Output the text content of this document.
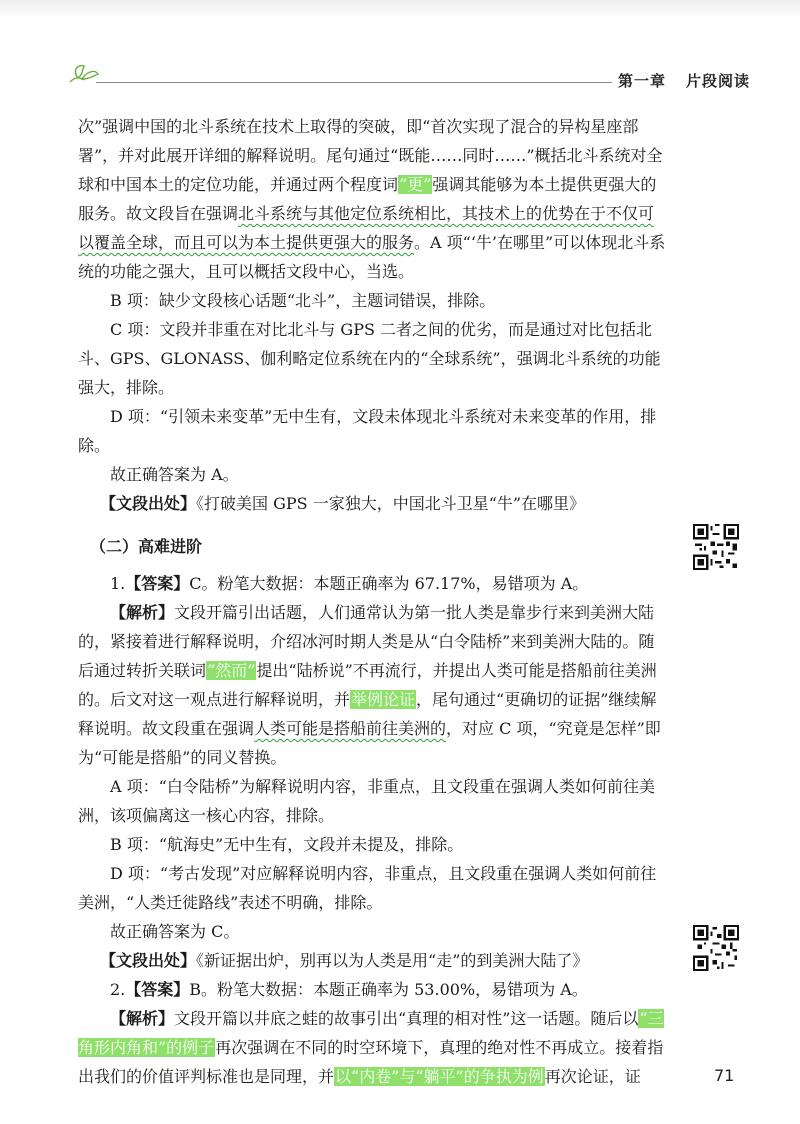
第一章 片段阅读

次”强调中国的北斗系统在技术上取得的突破，即“首次实现了混合的异构星座部署”，并对此展开详细的解释说明。尾句通过“既能……同时……”概括北斗系统对全球和中国本土的定位功能，并通过两个程度词“更”强调其能够为本土提供更强大的服务。故文段旨在强调北斗系统与其他定位系统相比，其技术上的优势在于不仅可以覆盖全球，而且可以为本土提供更强大的服务。A 项“‘牛’在哪里”可以体现北斗系统的功能之强大，且可以概括文段中心，当选。

B 项：缺少文段核心话题“北斗”，主题词错误，排除。

C 项：文段并非重在对比北斗与 GPS 二者之间的优劣，而是通过对比包括北斗、GPS、GLONASS、伽利略定位系统在内的“全球系统”，强调北斗系统的功能强大，排除。

D 项：“引领未来变革”无中生有，文段未体现北斗系统对未来变革的作用，排除。

故正确答案为 A。

【文段出处】《打破美国 GPS 一家独大，中国北斗卫星“牛”在哪里》

（二）高难进阶

1.【答案】C。粉笔大数据：本题正确率为 67.17%，易错项为 A。

【解析】文段开篇引出话题，人们通常认为第一批人类是靠步行来到美洲大陆的，紧接着进行解释说明，介绍冰河时期人类是从“白令陆桥”来到美洲大陆的。随后通过转折关联词“然而”提出“陆桥说”不再流行，并提出人类可能是搭船前往美洲的。后文对这一观点进行解释说明，并举例论证，尾句通过“更确切的证据”继续解释说明。故文段重在强调人类可能是搭船前往美洲的，对应 C 项，“究竟是怎样”即为“可能是搭船”的同义替换。

A 项：“白令陆桥”为解释说明内容，非重点，且文段重在强调人类如何前往美洲，该项偏离这一核心内容，排除。

B 项：“航海史”无中生有，文段并未提及，排除。

D 项：“考古发现”对应解释说明内容，非重点，且文段重在强调人类如何前往美洲，“人类迁徙路线”表述不明确，排除。

故正确答案为 C。

【文段出处】《新证据出炉，别再以为人类是用“走”的到美洲大陆了》

2.【答案】B。粉笔大数据：本题正确率为 53.00%，易错项为 A。

【解析】文段开篇以井底之蛙的故事引出“真理的相对性”这一话题。随后以“三角形内角和”的例子再次强调在不同的时空环境下，真理的绝对性不再成立。接着指出我们的价值评判标准也是同理，并以“内卷”与“躺平”的争执为例再次论证，证	71
